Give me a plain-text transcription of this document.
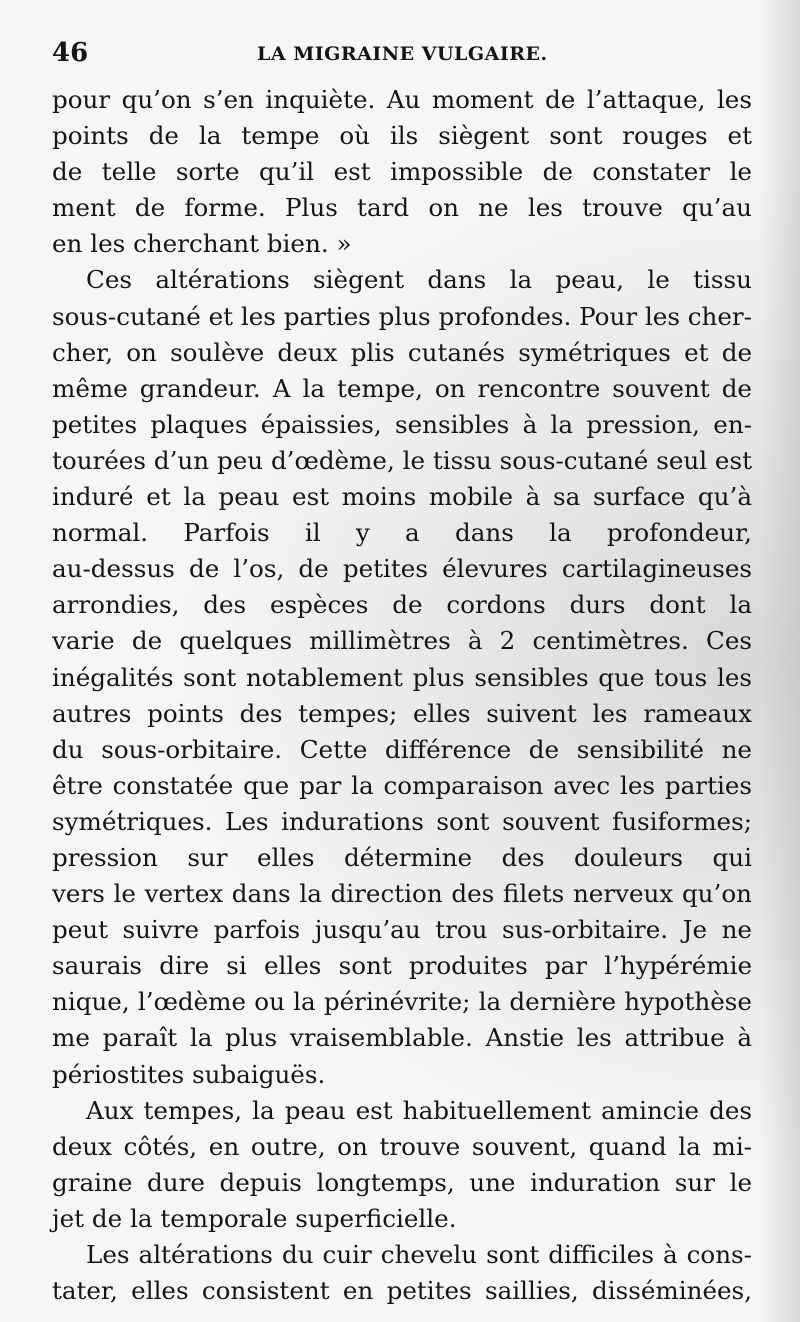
46	LA MIGRAINE VULGAIRE.
pour qu’on s’en inquiète. Au moment de l’attaque, les
points de la tempe où ils siègent sont rouges et
de telle sorte qu’il est impossible de constater le
ment de forme. Plus tard on ne les trouve qu’au
en les cherchant bien. »
Ces altérations siègent dans la peau, le tissu
sous-cutané et les parties plus profondes. Pour les cher-
cher, on soulève deux plis cutanés symétriques et de
même grandeur. A la tempe, on rencontre souvent de
petites plaques épaissies, sensibles à la pression, en-
tourées d’un peu d’œdème, le tissu sous-cutané seul est
induré et la peau est moins mobile à sa surface qu’à
normal. Parfois il y a dans la profondeur,
au-dessus de l’os, de petites élevures cartilagineuses
arrondies, des espèces de cordons durs dont la
varie de quelques millimètres à 2 centimètres. Ces
inégalités sont notablement plus sensibles que tous les
autres points des tempes; elles suivent les rameaux
du sous-orbitaire. Cette différence de sensibilité ne
être constatée que par la comparaison avec les parties
symétriques. Les indurations sont souvent fusiformes;
pression sur elles détermine des douleurs qui
vers le vertex dans la direction des filets nerveux qu’on
peut suivre parfois jusqu’au trou sus-orbitaire. Je ne
saurais dire si elles sont produites par l’hypérémie
nique, l’œdème ou la périnévrite; la dernière hypothèse
me paraît la plus vraisemblable. Anstie les attribue à
périostites subaiguës.
Aux tempes, la peau est habituellement amincie des
deux côtés, en outre, on trouve souvent, quand la mi-
graine dure depuis longtemps, une induration sur le
jet de la temporale superficielle.
Les altérations du cuir chevelu sont difficiles à cons-
tater, elles consistent en petites saillies, disséminées,
